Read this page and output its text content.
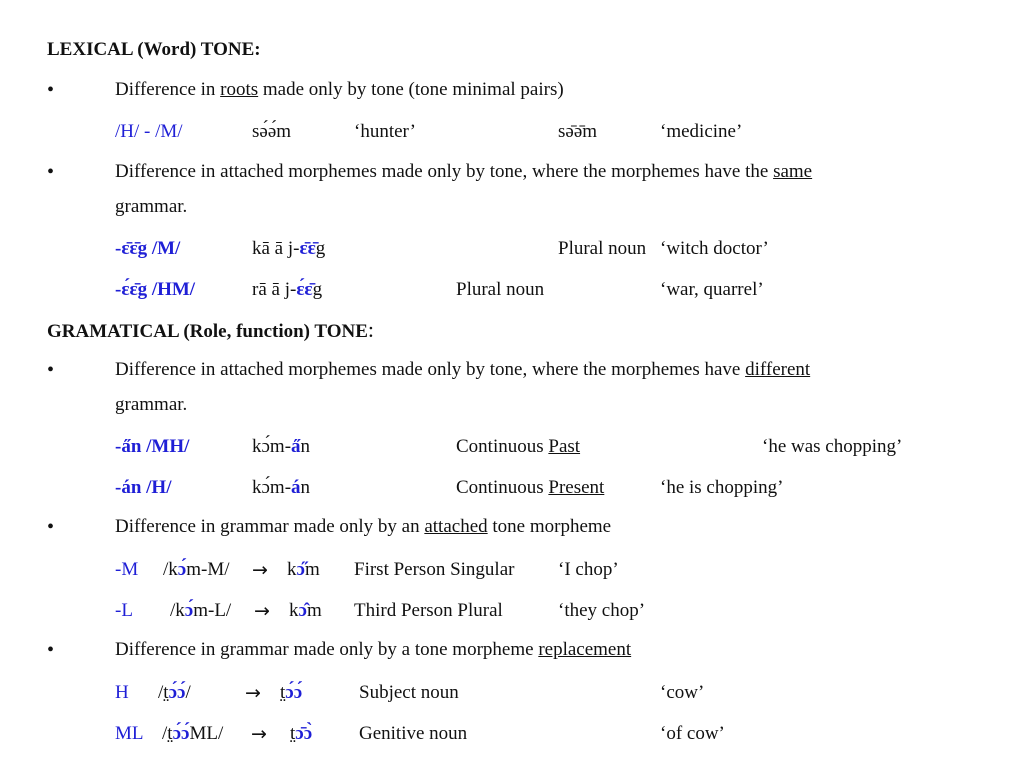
LEXICAL (Word) TONE:
•	Difference in roots made only by tone (tone minimal pairs)
/H/ - /M/	sə́ə́m	‘hunter’	sə̄ə̄m	‘medicine’
•	Difference in attached morphemes made only by tone, where the morphemes have the same
grammar.
-ɛ̄ɛ̄g /M/	kā ā j-ɛ̄ɛ̄g	Plural noun ‘witch doctor’
-ɛ́ɛ̄g /HM/	rā ā j-ɛ́ɛ̄g	Plural noun	‘war, quarrel’
GRAMATICAL (Role, function) TONE:
•	Difference in attached morphemes made only by tone, where the morphemes have different
grammar.
-a̋n /MH/	kɔ́m-a̋n	Continuous Past	‘he was chopping’
-án /H/	kɔ́m-án	Continuous Present	‘he is chopping’
•	Difference in grammar made only by an attached tone morpheme
-M /kɔ́m-M/ → kɔ̋m First Person Singular ‘I chop’
-L /kɔ́m-L/ → kɔ̂m Third Person Plural	‘they chop’
•	Difference in grammar made only by a tone morpheme replacement
H /t̤ɔ́ɔ́/	→ t̤ɔ́ɔ́	Subject noun	‘cow’
ML /t̤ɔ́ɔ́ML/ → t̤ɔ̄ɔ̀ Genitive noun	‘of cow’
